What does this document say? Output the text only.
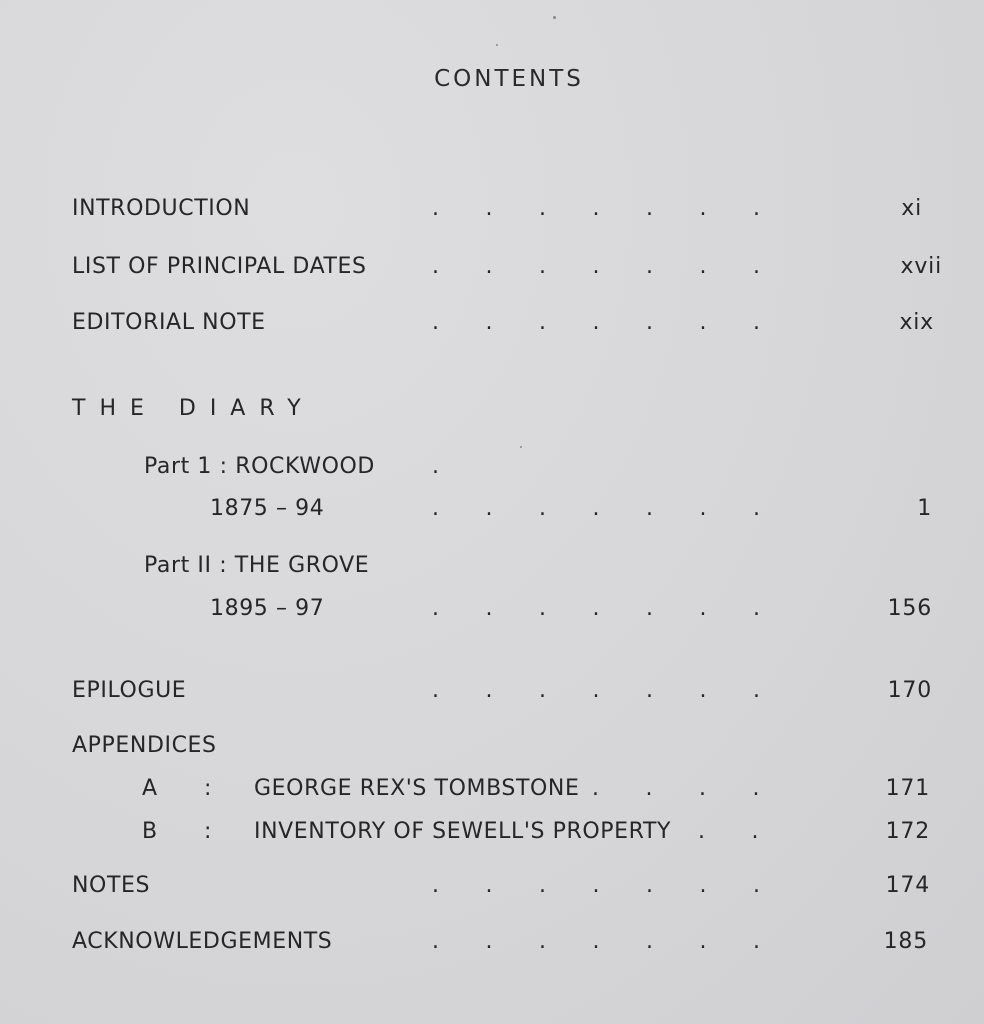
CONTENTS
INTRODUCTION	. . . . . . .	xi
LIST OF PRINCIPAL DATES	. . . . . . .	xvii
EDITORIAL NOTE	. . . . . . .	xix
THE DIARY
Part 1 : ROCKWOOD	.
1875 – 94	. . . . . . .	1
Part II : THE GROVE
1895 – 97	. . . . . . .	156
EPILOGUE	. . . . . . .	170
APPENDICES
A : GEORGE REX'S TOMBSTONE . . . .	171
B : INVENTORY OF SEWELL'S PROPERTY . .	172
NOTES	. . . . . . .	174
ACKNOWLEDGEMENTS	. . . . . . .	185
